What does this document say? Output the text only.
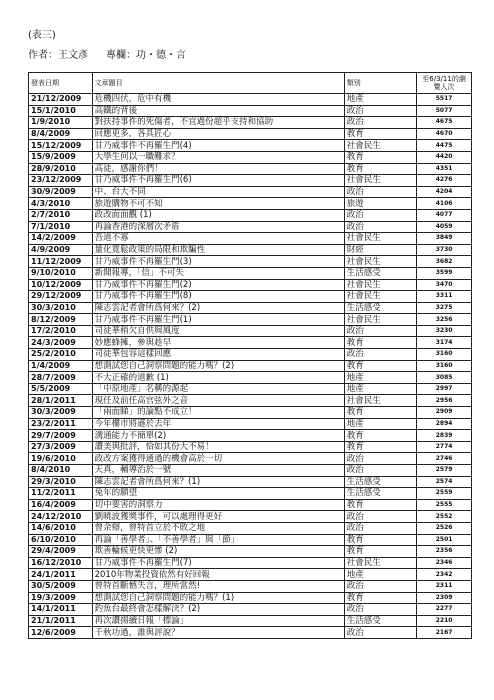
(表三)
作者：王文彥 專欄：功・德・言
發表日期	文章題目	類別	至6/3/11的瀏覽人次
21/12/2009	危機四伏，危中有機	地產	5517
15/1/2010	高鐵的背後	政治	5077
1/9/2010	對扶持事件的死傷者，不宜過份超乎支持和協助	政治	4675
8/4/2009	回應更多，各具匠心	教育	4670
15/12/2009	甘乃威事件不再羅生門(4)	社會民生	4475
15/9/2009	大學生何以一職難求？	教育	4420
28/9/2010	高徒，感謝你們！	教育	4351
23/12/2009	甘乃威事件不再羅生門(6)	社會民生	4276
30/9/2009	中、台大不同	政治	4204
4/3/2010	旅遊購物不可不知	旅遊	4106
2/7/2010	政改面面觀 (1)	政治	4077
7/1/2010	再論香港的深層次矛盾	政治	4059
14/2/2009	吾道不寡	社會民生	3849
4/9/2009	量化寬鬆政策的局限和欺騙性	財經	3730
11/12/2009	甘乃威事件不再羅生門(3)	社會民生	3682
9/10/2010	新聞報導，「信」不可失	生活感受	3599
10/12/2009	甘乃威事件不再羅生門(2)	社會民生	3470
29/12/2009	甘乃威事件不再羅生門(8)	社會民生	3311
30/3/2010	陳志雲記者會所爲何來？(2)	生活感受	3275
8/12/2009	甘乃威事件不再羅生門(1)	社會民生	3256
17/2/2010	司徒華稍欠自供與風度	政治	3230
24/3/2009	妙應蜂擁，參與趁早	教育	3174
25/2/2010	司徒華包容這樣回應	政治	3160
1/4/2009	想測試您自己洞察問題的能力嗎？(2)	教育	3160
28/7/2009	不大正確的道歉 (1)	地產	3085
5/5/2009	「中原地產」名稱的源起	地產	2997
28/1/2011	現任及前任高官弦外之音	社會民生	2956
30/3/2009	「兩面睇」的論點不成立！	教育	2909
23/2/2011	今年樓市將遜於去年	地產	2894
29/7/2009	溝通能力不簡單(2)	教育	2839
27/3/2009	讚美與批評，恰如其份大不易！	教育	2774
19/6/2010	政改方案獲得通過的機會高於一切	政治	2746
8/4/2010	天真，輔導治於一號	政治	2579
29/3/2010	陳志雲記者會所爲何來？(1)	生活感受	2574
11/2/2011	兔年的願望	生活感受	2559
16/4/2009	切中要害的洞察力	教育	2555
24/12/2010	劉曉波獲獎事件，可以處理得更好	政治	2552
14/6/2010	曾余辯，曾特首立於不敗之地	政治	2526
6/10/2010	再論「善學者」、「不善學者」與「節」	教育	2501
29/4/2009	欺善輪候更快更慘 (2)	教育	2356
16/12/2010	甘乃威事件不再羅生門(7)	社會民生	2346
24/1/2011	2010年物業投資依然有好回報	地產	2342
30/5/2009	曾特首斷憾失言，理所當然!	政治	2311
19/3/2009	想測試您自己洞察問題的能力嗎？(1)	教育	2309
14/1/2011	釣魚台最終會怎樣解決？(2)	政治	2277
21/1/2011	再次讚揚續日報「標論」	生活感受	2210
12/6/2009	千秋功過，誰與評說？	政治	2167
